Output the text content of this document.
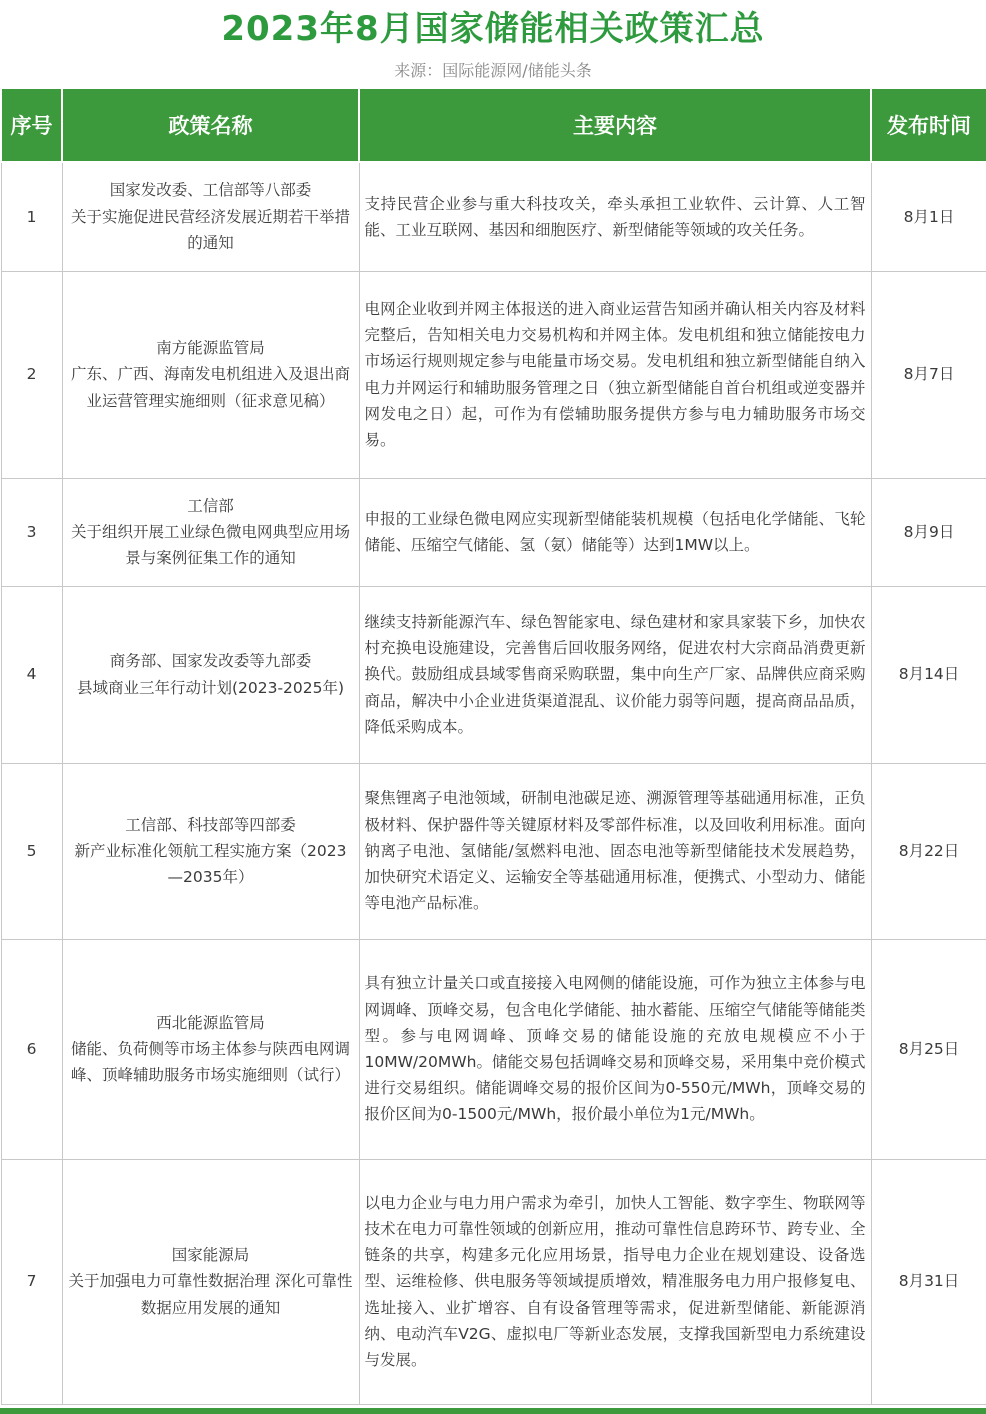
2023年8月国家储能相关政策汇总
来源：国际能源网/储能头条
序号	政策名称	主要内容	发布时间
1	国家发改委、工信部等八部委
关于实施促进民营经济发展近期若干举措的通知	支持民营企业参与重大科技攻关，牵头承担工业软件、云计算、人工智能、工业互联网、基因和细胞医疗、新型储能等领域的攻关任务。	8月1日
2	南方能源监管局
广东、广西、海南发电机组进入及退出商业运营管理实施细则（征求意见稿）	电网企业收到并网主体报送的进入商业运营告知函并确认相关内容及材料完整后，告知相关电力交易机构和并网主体。发电机组和独立储能按电力市场运行规则规定参与电能量市场交易。发电机组和独立新型储能自纳入电力并网运行和辅助服务管理之日（独立新型储能自首台机组或逆变器并网发电之日）起，可作为有偿辅助服务提供方参与电力辅助服务市场交易。	8月7日
3	工信部
关于组织开展工业绿色微电网典型应用场景与案例征集工作的通知	申报的工业绿色微电网应实现新型储能装机规模（包括电化学储能、飞轮储能、压缩空气储能、氢（氨）储能等）达到1MW以上。	8月9日
4	商务部、国家发改委等九部委
县域商业三年行动计划(2023-2025年)	继续支持新能源汽车、绿色智能家电、绿色建材和家具家装下乡，加快农村充换电设施建设，完善售后回收服务网络，促进农村大宗商品消费更新换代。鼓励组成县域零售商采购联盟，集中向生产厂家、品牌供应商采购商品，解决中小企业进货渠道混乱、议价能力弱等问题，提高商品品质，降低采购成本。	8月14日
5	工信部、科技部等四部委
新产业标准化领航工程实施方案（2023—2035年）	聚焦锂离子电池领域，研制电池碳足迹、溯源管理等基础通用标准，正负极材料、保护器件等关键原材料及零部件标准，以及回收利用标准。面向钠离子电池、氢储能/氢燃料电池、固态电池等新型储能技术发展趋势，加快研究术语定义、运输安全等基础通用标准，便携式、小型动力、储能等电池产品标准。	8月22日
6	西北能源监管局
储能、负荷侧等市场主体参与陕西电网调峰、顶峰辅助服务市场实施细则（试行）	具有独立计量关口或直接接入电网侧的储能设施，可作为独立主体参与电网调峰、顶峰交易，包含电化学储能、抽水蓄能、压缩空气储能等储能类型。参与电网调峰、顶峰交易的储能设施的充放电规模应不小于 10MW/20MWh。储能交易包括调峰交易和顶峰交易，采用集中竞价模式进行交易组织。储能调峰交易的报价区间为0-550元/MWh，顶峰交易的报价区间为0-1500元/MWh，报价最小单位为1元/MWh。	8月25日
7	国家能源局
关于加强电力可靠性数据治理 深化可靠性数据应用发展的通知	以电力企业与电力用户需求为牵引，加快人工智能、数字孪生、物联网等技术在电力可靠性领域的创新应用，推动可靠性信息跨环节、跨专业、全链条的共享，构建多元化应用场景，指导电力企业在规划建设、设备选型、运维检修、供电服务等领域提质增效，精准服务电力用户报修复电、选址接入、业扩增容、自有设备管理等需求，促进新型储能、新能源消纳、电动汽车V2G、虚拟电厂等新业态发展，支撑我国新型电力系统建设与发展。	8月31日
